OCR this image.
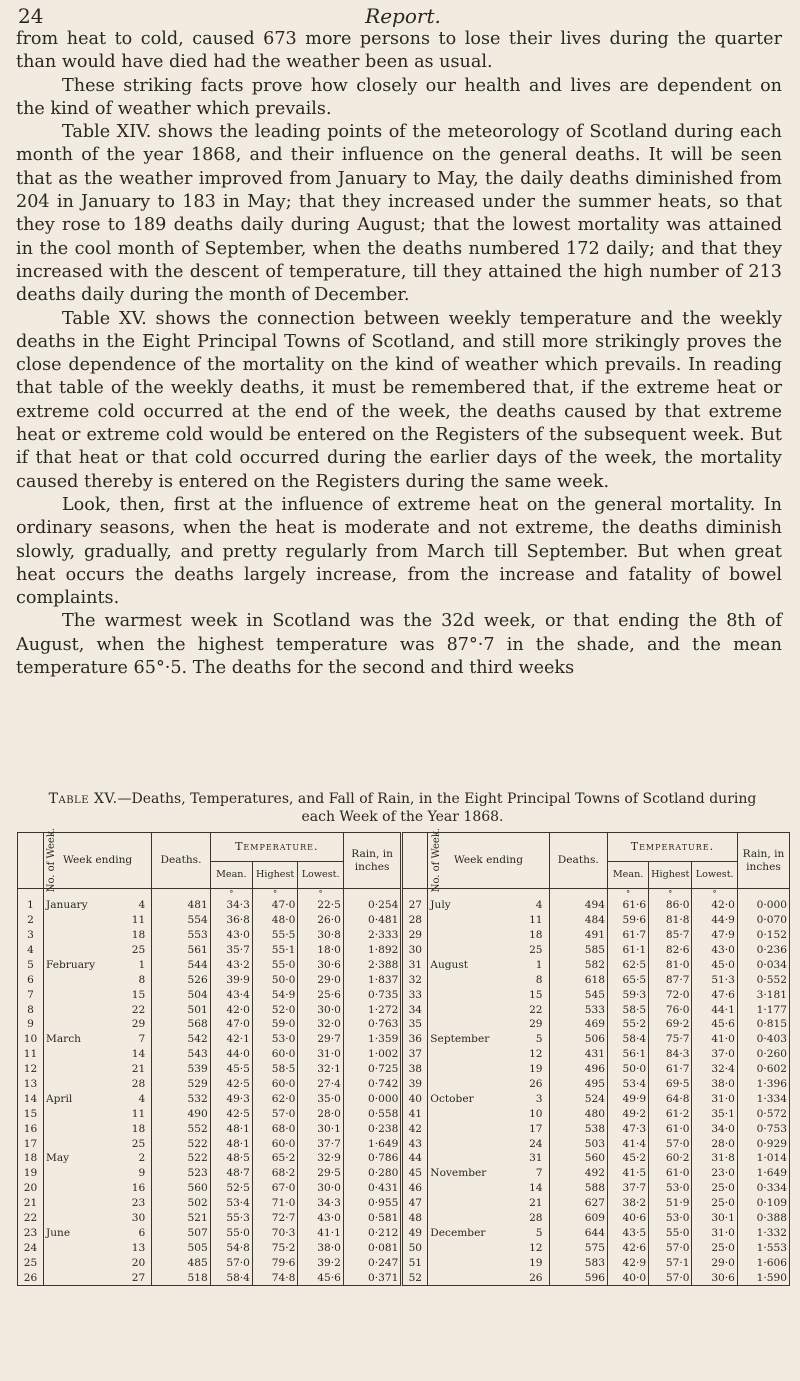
24	Report.

from heat to cold, caused 673 more persons to lose their lives during the quarter than would have died had the weather been as usual.

These striking facts prove how closely our health and lives are dependent on the kind of weather which prevails.

Table XIV. shows the leading points of the meteorology of Scotland during each month of the year 1868, and their influence on the general deaths. It will be seen that as the weather improved from January to May, the daily deaths diminished from 204 in January to 183 in May; that they increased under the summer heats, so that they rose to 189 deaths daily during August; that the lowest mortality was attained in the cool month of September, when the deaths numbered 172 daily; and that they increased with the descent of temperature, till they attained the high number of 213 deaths daily during the month of December.

Table XV. shows the connection between weekly temperature and the weekly deaths in the Eight Principal Towns of Scotland, and still more strikingly proves the close dependence of the mortality on the kind of weather which prevails. In reading that table of the weekly deaths, it must be remembered that, if the extreme heat or extreme cold occurred at the end of the week, the deaths caused by that extreme heat or extreme cold would be entered on the Registers of the subsequent week. But if that heat or that cold occurred during the earlier days of the week, the mortality caused thereby is entered on the Registers during the same week.

Look, then, first at the influence of extreme heat on the general mortality. In ordinary seasons, when the heat is moderate and not extreme, the deaths diminish slowly, gradually, and pretty regularly from March till September. But when great heat occurs the deaths largely increase, from the increase and fatality of bowel complaints.

The warmest week in Scotland was the 32d week, or that ending the 8th of August, when the highest temperature was 87°·7 in the shade, and the mean temperature 65°·5. The deaths for the second and third weeks

Table XV.—Deaths, Temperatures, and Fall of Rain, in the Eight Principal Towns of Scotland during each Week of the Year 1868.
No. of Week.	Week ending		Deaths.	Temperature.			Rain, in inches	No. of Week.	Week ending		Deaths.	Temperature.			Rain, in inches
				Mean.	Highest	Lowest.						Mean.	Highest	Lowest.	
				°	°	°						°	°	°	
1	January	4	481	34·3	47·0	22·5	0·254	27	July	4	494	61·6	86·0	42·0	0·000
2		11	554	36·8	48·0	26·0	0·481	28		11	484	59·6	81·8	44·9	0·070
3		18	553	43·0	55·5	30·8	2·333	29		18	491	61·7	85·7	47·9	0·152
4		25	561	35·7	55·1	18·0	1·892	30		25	585	61·1	82·6	43·0	0·236
5	February	1	544	43·2	55·0	30·6	2·388	31	August	1	582	62·5	81·0	45·0	0·034
6		8	526	39·9	50·0	29·0	1·837	32		8	618	65·5	87·7	51·3	0·552
7		15	504	43·4	54·9	25·6	0·735	33		15	545	59·3	72·0	47·6	3·181
8		22	501	42·0	52·0	30·0	1·272	34		22	533	58·5	76·0	44·1	1·177
9		29	568	47·0	59·0	32·0	0·763	35		29	469	55·2	69·2	45·6	0·815
10	March	7	542	42·1	53·0	29·7	1·359	36	September	5	506	58·4	75·7	41·0	0·403
11		14	543	44·0	60·0	31·0	1·002	37		12	431	56·1	84·3	37·0	0·260
12		21	539	45·5	58·5	32·1	0·725	38		19	496	50·0	61·7	32·4	0·602
13		28	529	42·5	60·0	27·4	0·742	39		26	495	53·4	69·5	38·0	1·396
14	April	4	532	49·3	62·0	35·0	0·000	40	October	3	524	49·9	64·8	31·0	1·334
15		11	490	42·5	57·0	28·0	0·558	41		10	480	49·2	61·2	35·1	0·572
16		18	552	48·1	68·0	30·1	0·238	42		17	538	47·3	61·0	34·0	0·753
17		25	522	48·1	60·0	37·7	1·649	43		24	503	41·4	57·0	28·0	0·929
18	May	2	522	48·5	65·2	32·9	0·786	44		31	560	45·2	60·2	31·8	1·014
19		9	523	48·7	68·2	29·5	0·280	45	November	7	492	41·5	61·0	23·0	1·649
20		16	560	52·5	67·0	30·0	0·431	46		14	588	37·7	53·0	25·0	0·334
21		23	502	53·4	71·0	34·3	0·955	47		21	627	38·2	51·9	25·0	0·109
22		30	521	55·3	72·7	43·0	0·581	48		28	609	40·6	53·0	30·1	0·388
23	June	6	507	55·0	70·3	41·1	0·212	49	December	5	644	43·5	55·0	31·0	1·332
24		13	505	54·8	75·2	38·0	0·081	50		12	575	42·6	57·0	25·0	1·553
25		20	485	57·0	79·6	39·2	0·247	51		19	583	42·9	57·1	29·0	1·606
26		27	518	58·4	74·8	45·6	0·371	52		26	596	40·0	57·0	30·6	1·590
